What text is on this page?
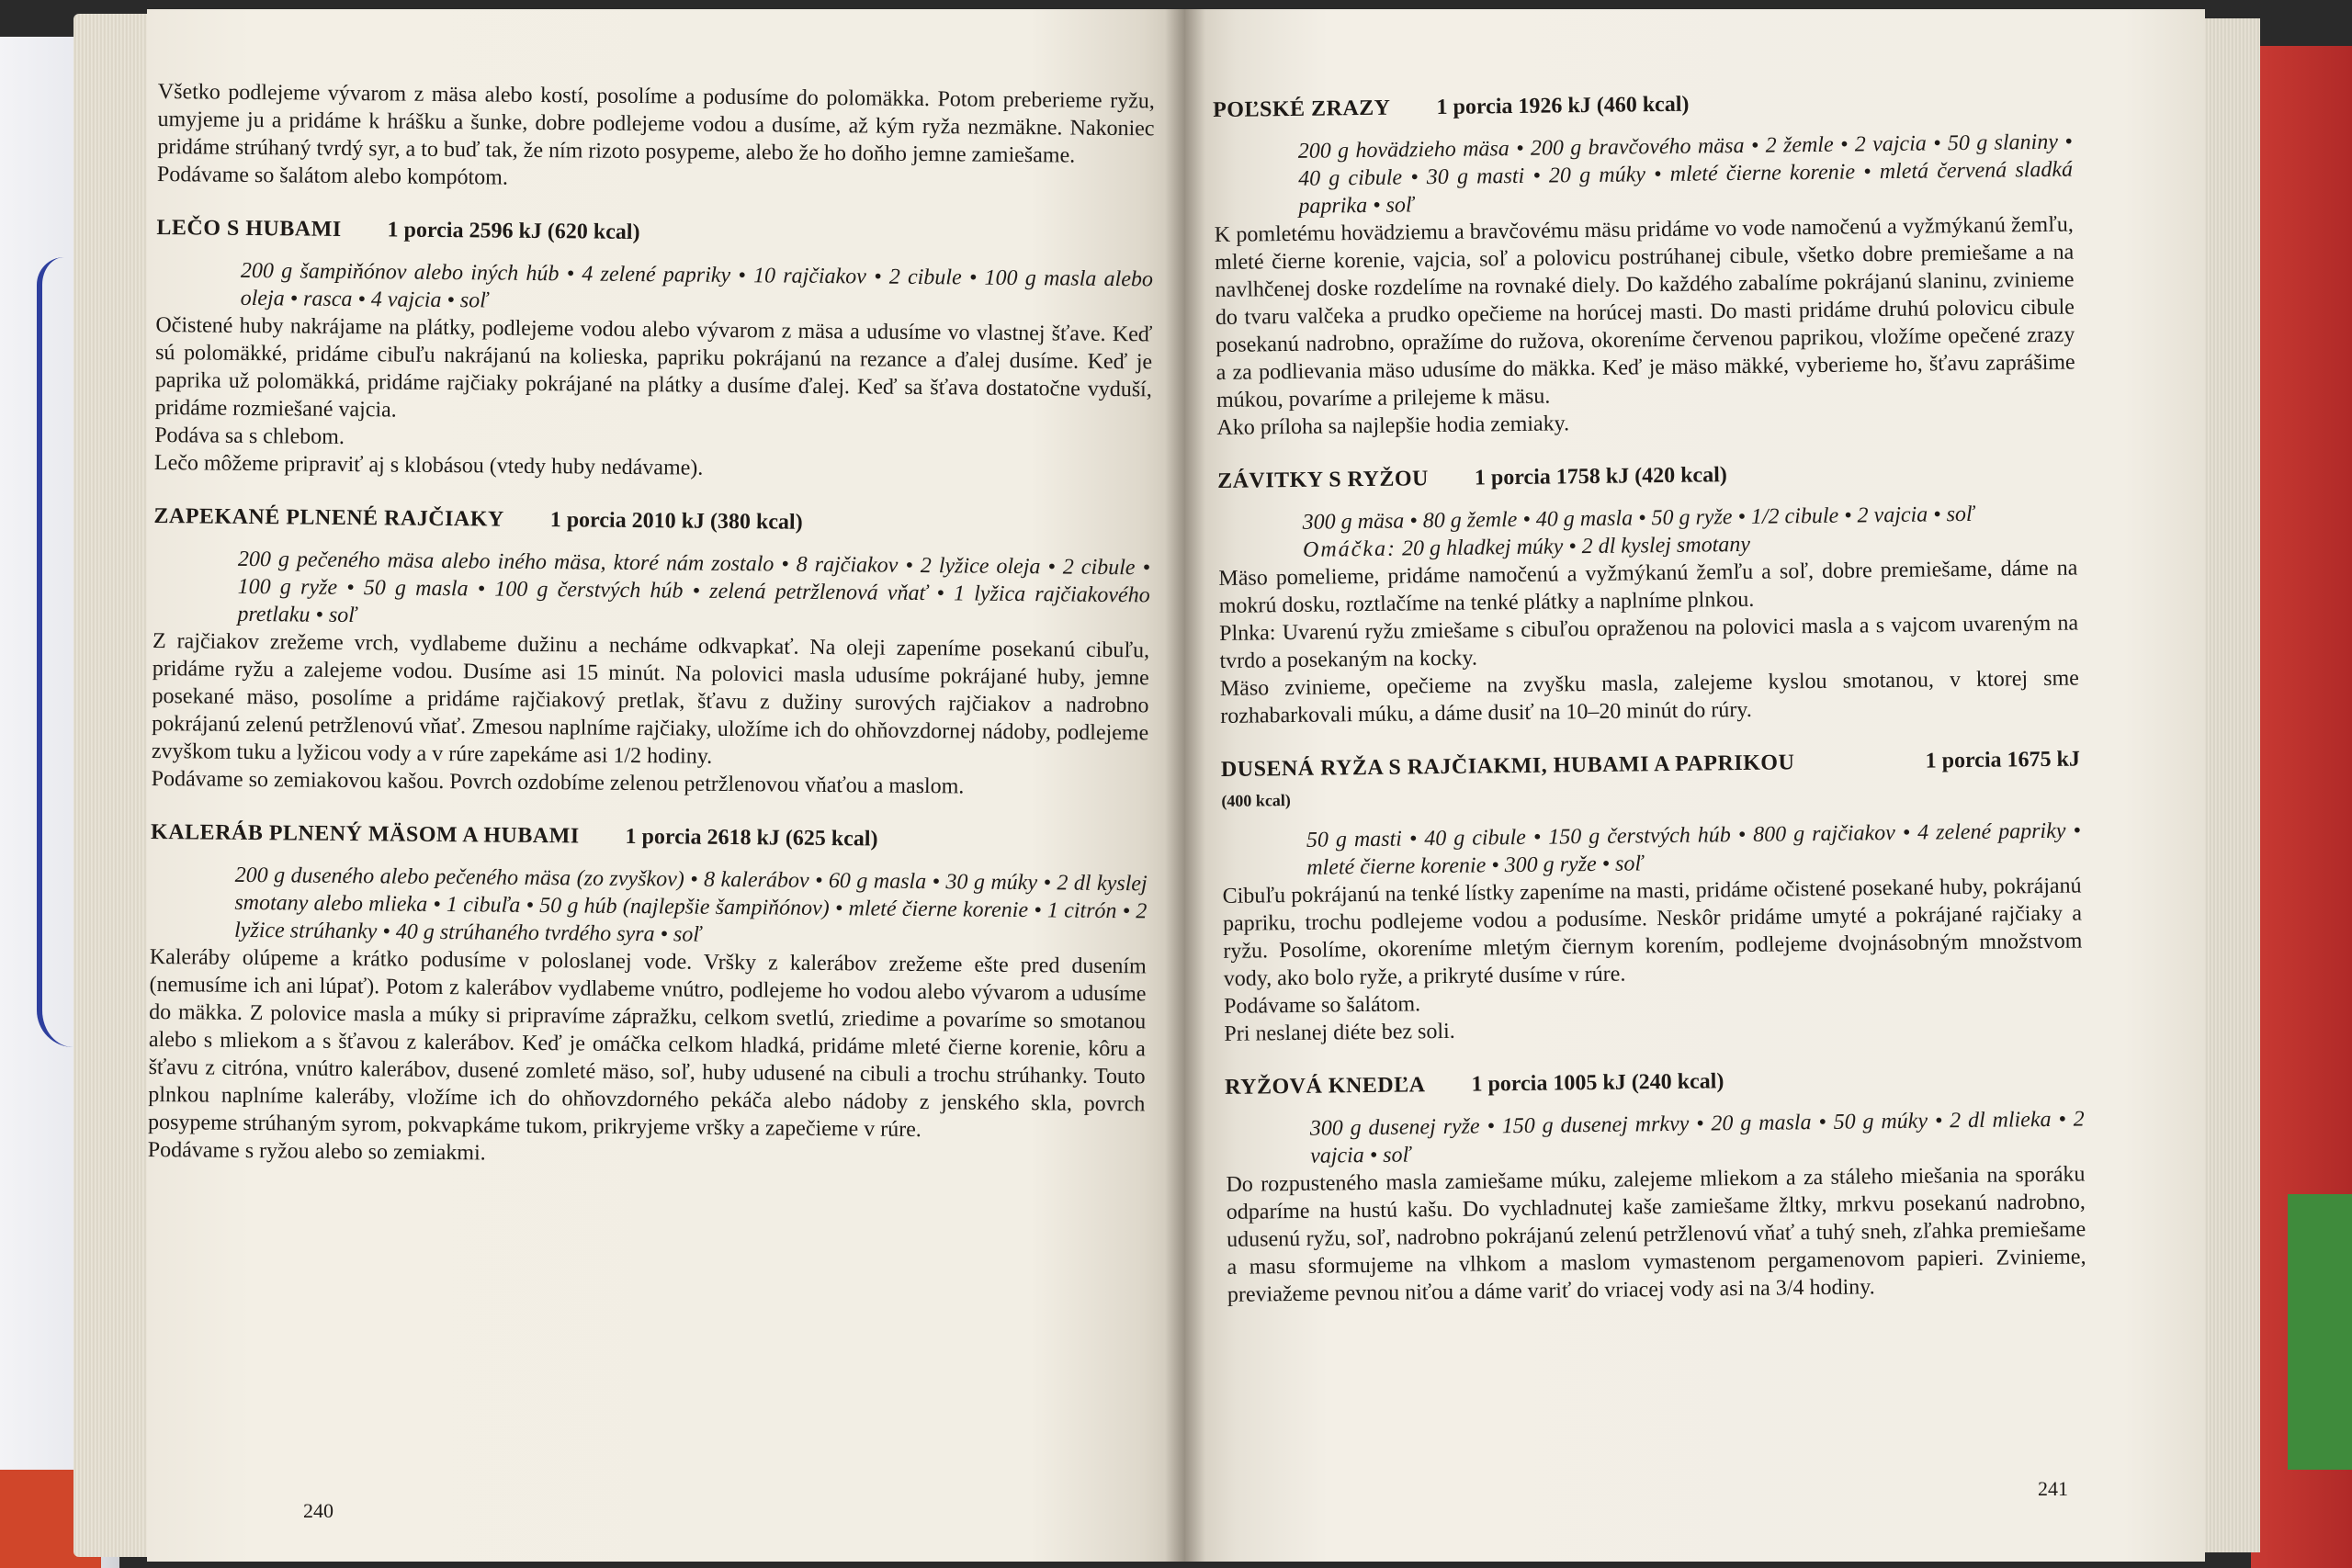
Všetko podlejeme vývarom z mäsa alebo kostí, posolíme a podusíme do polomäkka. Potom preberieme ryžu, umyjeme ju a pridáme k hrášku a šunke, dobre podlejeme vodou a dusíme, až kým ryža nezmäkne. Nakoniec pridáme strúhaný tvrdý syr, a to buď tak, že ním rizoto posypeme, alebo že ho doňho jemne zamiešame.

Podávame so šalátom alebo kompótom.

LEČO S HUBAMI 1 porcia 2596 kJ (620 kcal)

200 g šampiňónov alebo iných húb • 4 zelené papriky • 10 rajčiakov • 2 cibule • 100 g masla alebo oleja • rasca • 4 vajcia • soľ

Očistené huby nakrájame na plátky, podlejeme vodou alebo vývarom z mäsa a udusíme vo vlastnej šťave. Keď sú polomäkké, pridáme cibuľu nakrájanú na kolieska, papriku pokrájanú na rezance a ďalej dusíme. Keď je paprika už polomäkká, pridáme rajčiaky pokrájané na plátky a dusíme ďalej. Keď sa šťava dostatočne vyduší, pridáme rozmiešané vajcia.

Podáva sa s chlebom.

Lečo môžeme pripraviť aj s klobásou (vtedy huby nedávame).

ZAPEKANÉ PLNENÉ RAJČIAKY 1 porcia 2010 kJ (380 kcal)

200 g pečeného mäsa alebo iného mäsa, ktoré nám zostalo • 8 rajčiakov • 2 lyžice oleja • 2 cibule • 100 g ryže • 50 g masla • 100 g čerstvých húb • zelená petržlenová vňať • 1 lyžica rajčiakového pretlaku • soľ

Z rajčiakov zrežeme vrch, vydlabeme dužinu a necháme odkvapkať. Na oleji zapeníme posekanú cibuľu, pridáme ryžu a zalejeme vodou. Dusíme asi 15 minút. Na polovici masla udusíme pokrájané huby, jemne posekané mäso, posolíme a pridáme rajčiakový pretlak, šťavu z dužiny surových rajčiakov a nadrobno pokrájanú zelenú petržlenovú vňať. Zmesou naplníme rajčiaky, uložíme ich do ohňovzdornej nádoby, podlejeme zvyškom tuku a lyžicou vody a v rúre zapekáme asi 1/2 hodiny.

Podávame so zemiakovou kašou. Povrch ozdobíme zelenou petržlenovou vňaťou a maslom.

KALERÁB PLNENÝ MÄSOM A HUBAMI 1 porcia 2618 kJ (625 kcal)

200 g duseného alebo pečeného mäsa (zo zvyškov) • 8 kalerábov • 60 g masla • 30 g múky • 2 dl kyslej smotany alebo mlieka • 1 cibuľa • 50 g húb (najlepšie šampiňónov) • mleté čierne korenie • 1 citrón • 2 lyžice strúhanky • 40 g strúhaného tvrdého syra • soľ

Kaleráby olúpeme a krátko podusíme v poloslanej vode. Vršky z kalerábov zrežeme ešte pred dusením (nemusíme ich ani lúpať). Potom z kalerábov vydlabeme vnútro, podlejeme ho vodou alebo vývarom a udusíme do mäkka. Z polovice masla a múky si pripravíme zápražku, celkom svetlú, zriedime a povaríme so smotanou alebo s mliekom a s šťavou z kalerábov. Keď je omáčka celkom hladká, pridáme mleté čierne korenie, kôru a šťavu z citróna, vnútro kalerábov, dusené zomleté mäso, soľ, huby udusené na cibuli a trochu strúhanky. Touto plnkou naplníme kaleráby, vložíme ich do ohňovzdorného pekáča alebo nádoby z jenského skla, povrch posypeme strúhaným syrom, pokvapkáme tukom, prikryjeme vršky a zapečieme v rúre.

Podávame s ryžou alebo so zemiakmi.

240
POĽSKÉ ZRAZY 1 porcia 1926 kJ (460 kcal)

200 g hovädzieho mäsa • 200 g bravčového mäsa • 2 žemle • 2 vajcia • 50 g slaniny • 40 g cibule • 30 g masti • 20 g múky • mleté čierne korenie • mletá červená sladká paprika • soľ

K pomletému hovädziemu a bravčovému mäsu pridáme vo vode namočenú a vyžmýkanú žemľu, mleté čierne korenie, vajcia, soľ a polovicu postrúhanej cibule, všetko dobre premiešame a na navlhčenej doske rozdelíme na rovnaké diely. Do každého zabalíme pokrájanú slaninu, zvinieme do tvaru valčeka a prudko opečieme na horúcej masti. Do masti pridáme druhú polovicu cibule posekanú nadrobno, opražíme do ružova, okoreníme červenou paprikou, vložíme opečené zrazy a za podlievania mäso udusíme do mäkka. Keď je mäso mäkké, vyberieme ho, šťavu zaprášime múkou, povaríme a prilejeme k mäsu.

Ako príloha sa najlepšie hodia zemiaky.

ZÁVITKY S RYŽOU 1 porcia 1758 kJ (420 kcal)

300 g mäsa • 80 g žemle • 40 g masla • 50 g ryže • 1/2 cibule • 2 vajcia • soľ

Omáčka: 20 g hladkej múky • 2 dl kyslej smotany

Mäso pomelieme, pridáme namočenú a vyžmýkanú žemľu a soľ, dobre premiešame, dáme na mokrú dosku, roztlačíme na tenké plátky a naplníme plnkou.

Plnka: Uvarenú ryžu zmiešame s cibuľou opraženou na polovici masla a s vajcom uvareným na tvrdo a posekaným na kocky.

Mäso zvinieme, opečieme na zvyšku masla, zalejeme kyslou smotanou, v ktorej sme rozhabarkovali múku, a dáme dusiť na 10–20 minút do rúry.

DUSENÁ RYŽA S RAJČIAKMI, HUBAMI A PAPRIKOU	1 porcia 1675 kJ
(400 kcal)

50 g masti • 40 g cibule • 150 g čerstvých húb • 800 g rajčiakov • 4 zelené papriky • mleté čierne korenie • 300 g ryže • soľ

Cibuľu pokrájanú na tenké lístky zapeníme na masti, pridáme očistené posekané huby, pokrájanú papriku, trochu podlejeme vodou a podusíme. Neskôr pridáme umyté a pokrájané rajčiaky a ryžu. Posolíme, okoreníme mletým čiernym korením, podlejeme dvojnásobným množstvom vody, ako bolo ryže, a prikryté dusíme v rúre.

Podávame so šalátom.

Pri neslanej diéte bez soli.

RYŽOVÁ KNEDĽA 1 porcia 1005 kJ (240 kcal)

300 g dusenej ryže • 150 g dusenej mrkvy • 20 g masla • 50 g múky • 2 dl mlieka • 2 vajcia • soľ

Do rozpusteného masla zamiešame múku, zalejeme mliekom a za stáleho miešania na sporáku odparíme na hustú kašu. Do vychladnutej kaše zamiešame žltky, mrkvu posekanú nadrobno, udusenú ryžu, soľ, nadrobno pokrájanú zelenú petržlenovú vňať a tuhý sneh, zľahka premiešame a masu sformujeme na vlhkom a maslom vymastenom pergamenovom papieri. Zvinieme, previažeme pevnou niťou a dáme variť do vriacej vody asi na 3/4 hodiny.

241
